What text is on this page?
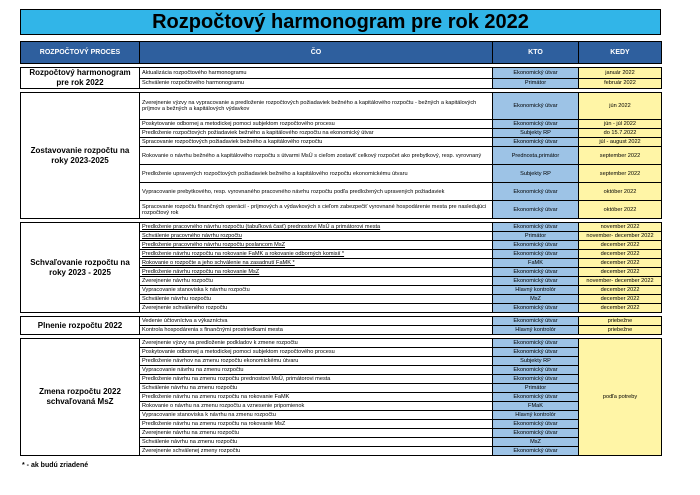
Rozpočtový harmonogram pre rok 2022
ROZPOČTOVÝ PROCES	ČO	KTO	KEDY

Rozpočtový harmonogram pre rok 2022	Aktualizácia rozpočtového harmonogramu	Ekonomický útvar	január 2022
	Schválenie rozpočtového harmonogramu	Primátor	február 2022

Zostavovanie rozpočtu na roky 2023-2025	Zverejnenie výzvy na vypracovanie a predloženie rozpočtových požiadaviek bežného a kapitálového rozpočtu - bežných a kapitálových príjmov a bežných a kapitálových výdavkov	Ekonomický útvar	jún 2022
	Poskytovanie odbornej a metodickej pomoci subjektom rozpočtového procesu	Ekonomický útvar	jún - júl 2022
	Predloženie rozpočtových požiadaviek bežného a kapitálového rozpočtu na ekonomický útvar	Subjekty RP	do 15.7.2022
	Spracovanie rozpočtových požiadaviek bežného a kapitálového rozpočtu	Ekonomický útvar	júl - august 2022
	Rokovanie o návrhu bežného a kapitálového rozpočtu s útvarmi MsÚ s cieľom zostaviť celkový rozpočet ako prebytkový, resp. vyrovnaný	Prednosta,primátor	september 2022
	Predloženie upravených rozpočtových požiadaviek bežného a kapitálového rozpočtu ekonomickému útvaru	Subjekty RP	september 2022
	Vypracovanie prebytkového, resp. vyrovnaného pracovného návrhu rozpočtu podľa predložených upravených požiadaviek	Ekonomický útvar	október 2022
	Spracovanie rozpočtu finančných operácií - príjmových a výdavkových s cieľom zabezpečiť vyrovnané hospodárenie mesta pre nasledujúci rozpočtový rok	Ekonomický útvar	október 2022

Schvaľovanie rozpočtu na roky 2023 - 2025	Predloženie pracovného návrhu rozpočtu (tabuľková časť) prednostovi MsÚ a primátorovi mesta	Ekonomický útvar	november 2022
	Schválenie pracovného návrhu rozpočtu	Primátor	november- december 2022
	Predloženie pracovného návrhu rozpočtu poslancom MsZ	Ekonomický útvar	december 2022
	Predloženie návrhu rozpočtu na rokovanie FaMK a rokovanie odborných komisií *	Ekonomický útvar	december 2022
	Rokovanie o rozpočte a jeho schválenie na zasadnutí FaMK *	FaMK	december 2022
	Predloženie návrhu rozpočtu na rokovanie MsZ	Ekonomický útvar	december 2022
	Zverejnenie návrhu rozpočtu	Ekonomický útvar	november- december 2022
	Vypracovanie stanoviska k návrhu rozpočtu	Hlavný kontrolór	december 2022
	Schválenie návrhu rozpočtu	MsZ	december 2022
	Zverejnenie schváleného rozpočtu	Ekonomický útvar	december 2022

Plnenie rozpočtu 2022	Vedenie účtovníctva a výkazníctva	Ekonomický útvar	priebežne
	Kontrola hospodárenia s finančnými prostriedkami mesta	Hlavný kontrolór	priebežne

Zmena rozpočtu 2022 schvaľovaná MsZ	Zverejnenie výzvy na predloženie podkladov k zmene rozpočtu	Ekonomický útvar	podľa potreby
	Poskytovanie odbornej a metodickej pomoci subjektom rozpočtového procesu	Ekonomický útvar	
	Predloženie návrhov na zmenu rozpočtu ekonomickému útvaru	Subjekty RP	
	Vypracovanie návrhu na zmenu rozpočtu	Ekonomický útvar	
	Predloženie návrhu na zmenu rozpočtu prednostovi MsÚ, primátorovi mesta	Ekonomický útvar	
	Schválenie návrhu na zmenu rozpočtu	Primátor	
	Predloženie návrhu na zmenu rozpočtu na rokovanie FaMK	Ekonomický útvar	
	Rokovanie o návrhu na zmenu rozpočtu a vznesenie pripomienok	FMaK	
	Vypracovanie stanoviska k návrhu na zmenu rozpočtu	Hlavný kontrolór	
	Predloženie návrhu na zmenu rozpočtu na rokovanie MsZ	Ekonomický útvar	
	Zverejnenie návrhu na zmenu rozpočtu	Ekonomický útvar	
	Schválenie návrhu na zmenu rozpočtu	MsZ	
	Zverejnenie schválenej zmeny rozpočtu	Ekonomický útvar	
* - ak budú zriadené
